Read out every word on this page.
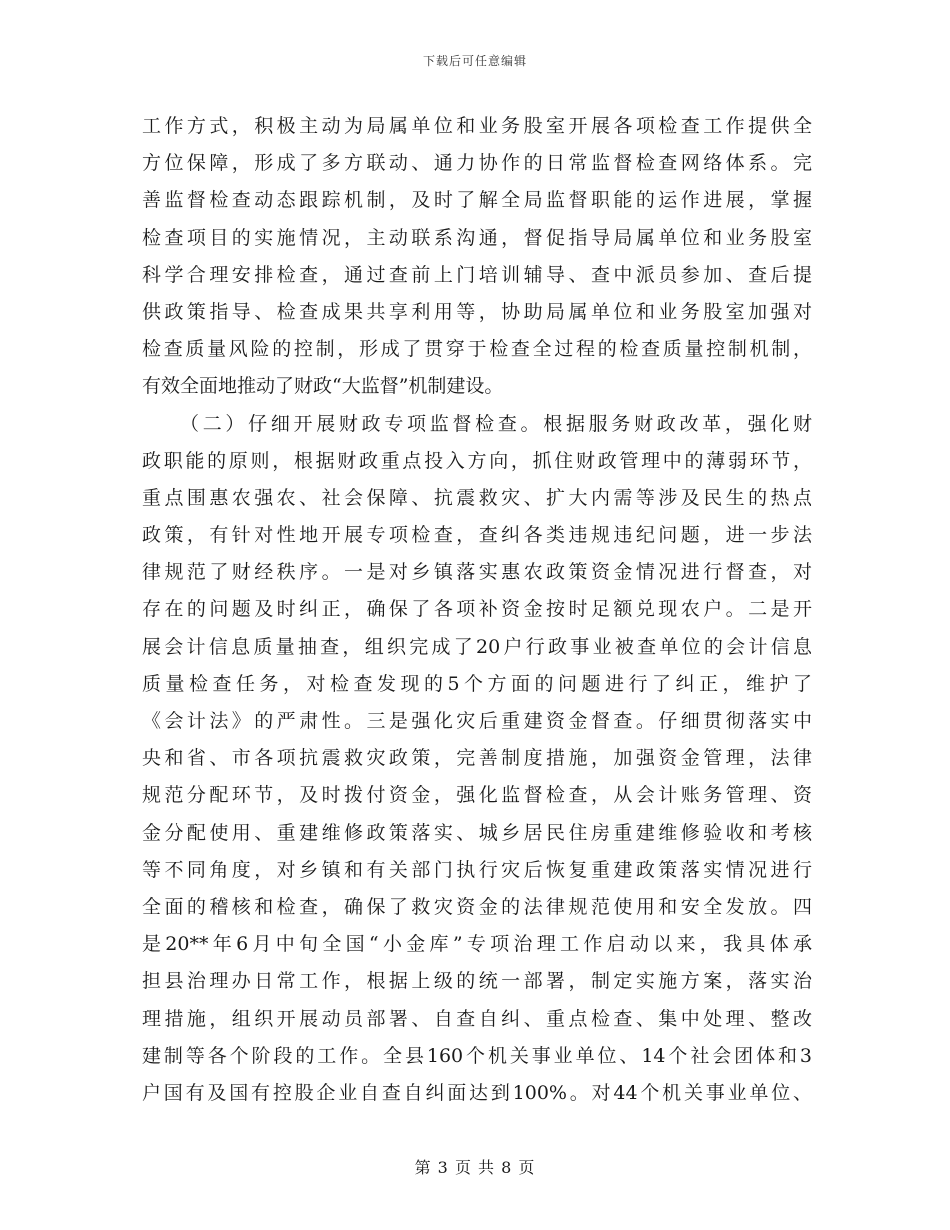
下载后可任意编辑
工作方式，积极主动为局属单位和业务股室开展各项检查工作提供全
方位保障，形成了多方联动、通力协作的日常监督检查网络体系。完
善监督检查动态跟踪机制，及时了解全局监督职能的运作进展，掌握
检查项目的实施情况，主动联系沟通，督促指导局属单位和业务股室
科学合理安排检查，通过查前上门培训辅导、查中派员参加、查后提
供政策指导、检查成果共享利用等，协助局属单位和业务股室加强对
检查质量风险的控制，形成了贯穿于检查全过程的检查质量控制机制，
有效全面地推动了财政“大监督”机制建设。
（二）仔细开展财政专项监督检查。根据服务财政改革，强化财
政职能的原则，根据财政重点投入方向，抓住财政管理中的薄弱环节，
重点围惠农强农、社会保障、抗震救灾、扩大内需等涉及民生的热点
政策，有针对性地开展专项检查，查纠各类违规违纪问题，进一步法
律规范了财经秩序。一是对乡镇落实惠农政策资金情况进行督查，对
存在的问题及时纠正，确保了各项补资金按时足额兑现农户。二是开
展会计信息质量抽查，组织完成了20户行政事业被查单位的会计信息
质量检查任务，对检查发现的5个方面的问题进行了纠正，维护了
《会计法》的严肃性。三是强化灾后重建资金督查。仔细贯彻落实中
央和省、市各项抗震救灾政策，完善制度措施，加强资金管理，法律
规范分配环节，及时拨付资金，强化监督检查，从会计账务管理、资
金分配使用、重建维修政策落实、城乡居民住房重建维修验收和考核
等不同角度，对乡镇和有关部门执行灾后恢复重建政策落实情况进行
全面的稽核和检查，确保了救灾资金的法律规范使用和安全发放。四
是20**年6月中旬全国“小金库”专项治理工作启动以来，我具体承
担县治理办日常工作，根据上级的统一部署，制定实施方案，落实治
理措施，组织开展动员部署、自查自纠、重点检查、集中处理、整改
建制等各个阶段的工作。全县160个机关事业单位、14个社会团体和3
户国有及国有控股企业自查自纠面达到100%。对44个机关事业单位、
第 3 页 共 8 页
